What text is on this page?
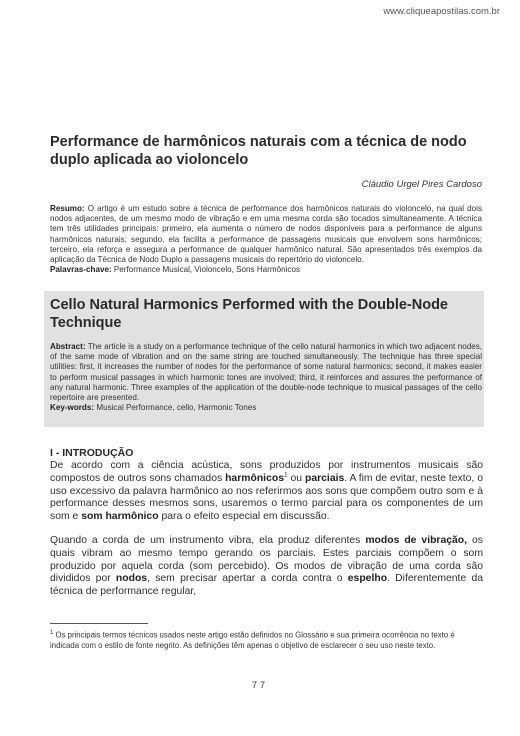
www.cliqueapostilas.com.br
Performance de harmônicos naturais com a técnica de nodo duplo aplicada ao violoncelo
Cláudio Urgel Pires Cardoso
Resumo: O artigo é um estudo sobre a técnica de performance dos harmônicos naturais do violoncelo, na qual dois nodos adjacentes, de um mesmo modo de vibração e em uma mesma corda são tocados simultaneamente. A técnica tem três utilidades principais: primeiro, ela aumenta o número de nodos disponíveis para a performance de alguns harmônicos naturais; segundo, ela facilita a performance de passagens musicais que envolvem sons harmônicos; terceiro, ela reforça e assegura a performance de qualquer harmônico natural. São apresentados três exemplos da aplicação da Técnica de Nodo Duplo a passagens musicais do repertório do violoncelo.
Palavras-chave: Performance Musical, Violoncelo, Sons Harmônicos
Cello Natural Harmonics Performed with the Double-Node Technique
Abstract: The article is a study on a performance technique of the cello natural harmonics in which two adjacent nodes, of the same mode of vibration and on the same string are touched simultaneously. The technique has three special utilities: first, it increases the number of nodes for the performance of some natural harmonics; second, it makes easier to perform musical passages in which harmonic tones are involved; third, it reinforces and assures the performance of any natural harmonic. Three examples of the application of the double-node technique to musical passages of the cello repertoire are presented.
Key-words: Musical Performance, cello, Harmonic Tones
I - INTRODUÇÃO
De acordo com a ciência acústica, sons produzidos por instrumentos musicais são compostos de outros sons chamados harmônicos$^1$ ou parciais. A fim de evitar, neste texto, o uso excessivo da palavra harmônico ao nos referirmos aos sons que compõem outro som e à performance desses mesmos sons, usaremos o termo parcial para os componentes de um som e som harmônico para o efeito especial em discussão.
Quando a corda de um instrumento vibra, ela produz diferentes modos de vibração, os quais vibram ao mesmo tempo gerando os parciais. Estes parciais compõem o som produzido por aquela corda (som percebido). Os modos de vibração de uma corda são divididos por nodos, sem precisar apertar a corda contra o espelho. Diferentemente da técnica de performance regular,
$^1$ Os principais termos técnicos usados neste artigo estão definidos no Glossário e sua primeira ocorrência no texto é indicada com o estilo de fonte negrito. As definições têm apenas o objetivo de esclarecer o seu uso neste texto.
77
